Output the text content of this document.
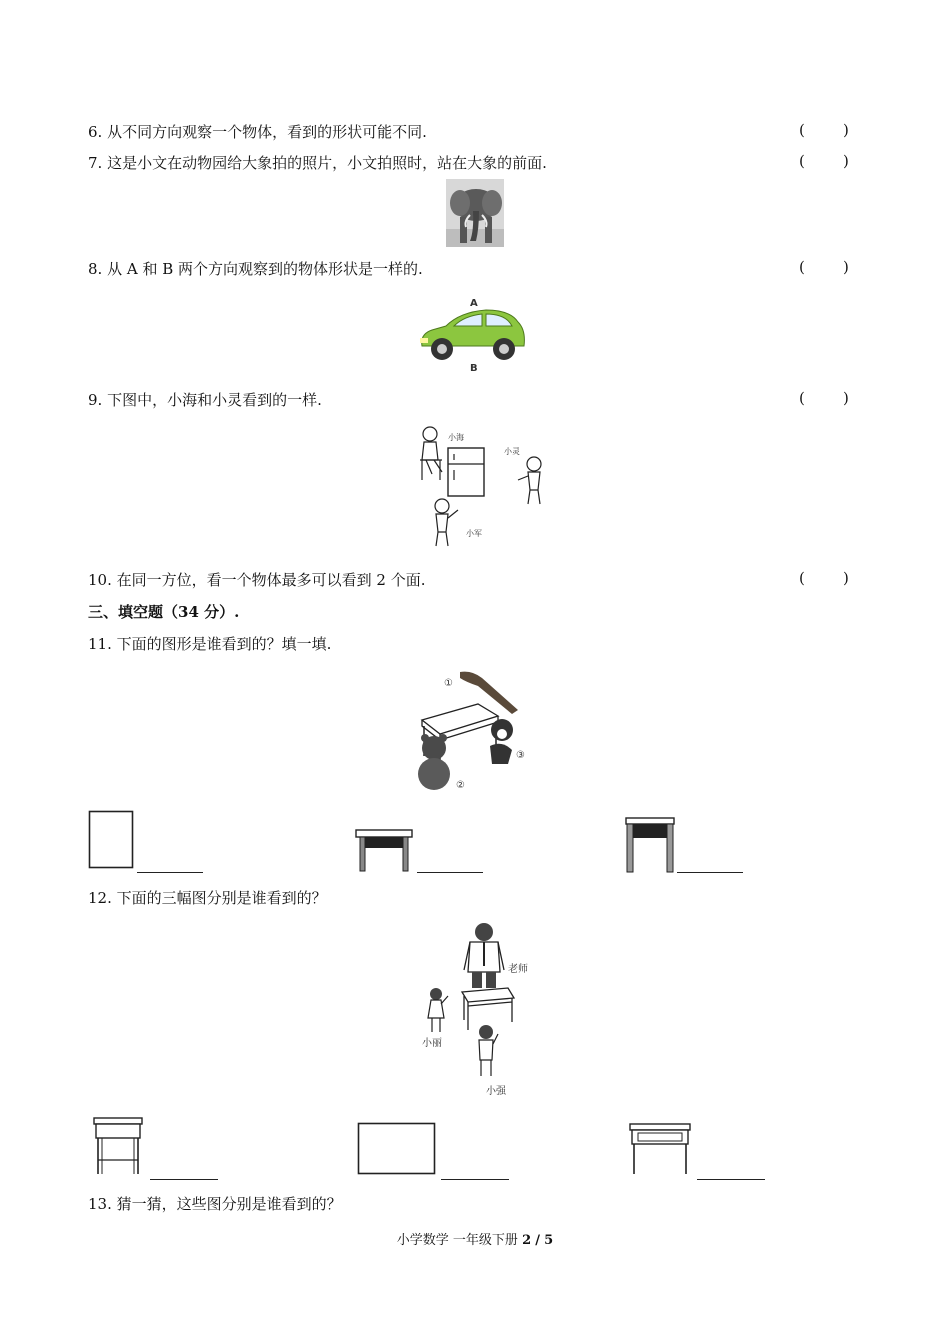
6. 从不同方向观察一个物体，看到的形状可能不同.	(        )
7. 这是小文在动物园给大象拍的照片，小文拍照时，站在大象的前面.	(        )
8. 从 A 和 B 两个方向观察到的物体形状是一样的.	(        )
A
B
9. 下图中，小海和小灵看到的一样.	(        )
小海
小灵
小军
10. 在同一方位，看一个物体最多可以看到 2 个面.	(        )
三、填空题（34 分）.
11. 下面的图形是谁看到的？填一填.
①
③
②
12. 下面的三幅图分别是谁看到的？
老师
小丽
小强
13. 猜一猜，这些图分别是谁看到的？
小学数学 一年级下册 2 / 5
